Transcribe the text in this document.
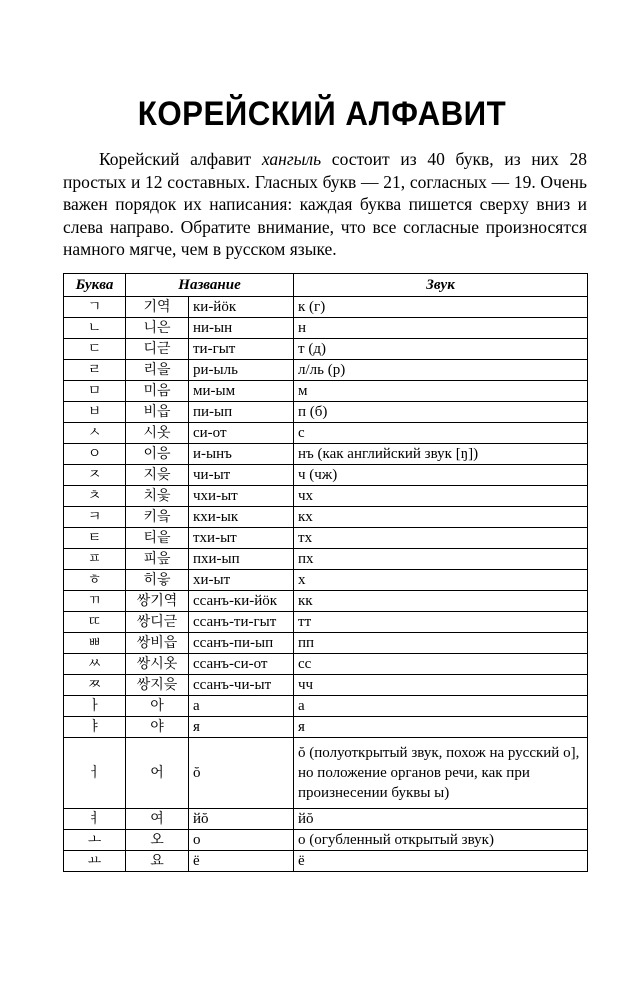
КОРЕЙСКИЙ АЛФАВИТ

Корейский алфавит хангыль состоит из 40 букв, из них 28 простых и 12 составных. Гласных букв — 21, согласных — 19. Очень важен порядок их написания: каждая буква пишется сверху вниз и слева направо. Обратите внимание, что все согласные произносятся намного мягче, чем в русском языке.

Буква	Название		Звук
ㄱ	기역	ки-йӧк	к (г)
ㄴ	니은	ни-ын	н
ㄷ	디귿	ти-гыт	т (д)
ㄹ	리을	ри-ыль	л/ль (р)
ㅁ	미음	ми-ым	м
ㅂ	비읍	пи-ып	п (б)
ㅅ	시옷	си-от	с
ㅇ	이응	и-ынъ	нъ (как английский звук [ŋ])
ㅈ	지읒	чи-ыт	ч (чж)
ㅊ	치읓	чхи-ыт	чх
ㅋ	키읔	кхи-ык	кх
ㅌ	티읕	тхи-ыт	тх
ㅍ	피읖	пхи-ып	пх
ㅎ	히읗	хи-ыт	х
ㄲ	쌍기역	ссанъ-ки-йӧк	кк
ㄸ	쌍디귿	ссанъ-ти-гыт	тт
ㅃ	쌍비읍	ссанъ-пи-ып	пп
ㅆ	쌍시옷	ссанъ-си-от	сс
ㅉ	쌍지읒	ссанъ-чи-ыт	чч
ㅏ	아	а	а
ㅑ	야	я	я
ㅓ	어	ŏ	ŏ (полуоткрытый звук, похож на русский о], но положение органов речи, как при произнесении буквы ы)
ㅕ	여	йŏ	йŏ
ㅗ	오	о	о (огубленный открытый звук)
ㅛ	요	ё	ё
